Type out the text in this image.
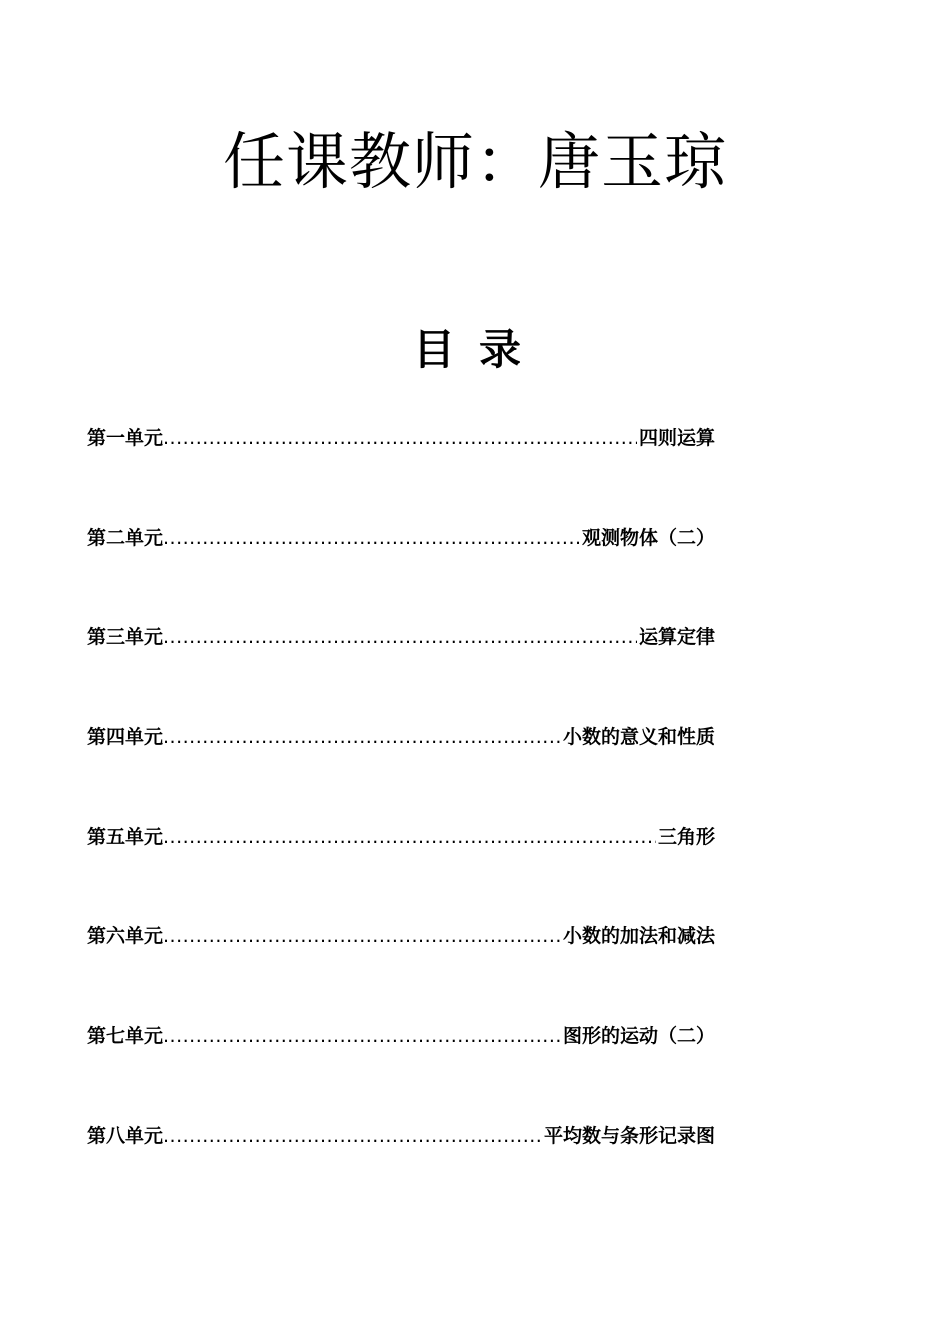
任课教师：唐玉琼
目 录
第一单元 .....	四则运算
第二单元 .....	观测物体（二）
第三单元 .....	运算定律
第四单元 .....	小数的意义和性质
第五单元 .....	三角形
第六单元 .....	小数的加法和减法
第七单元 .....	图形的运动（二）
第八单元 .....	平均数与条形记录图
